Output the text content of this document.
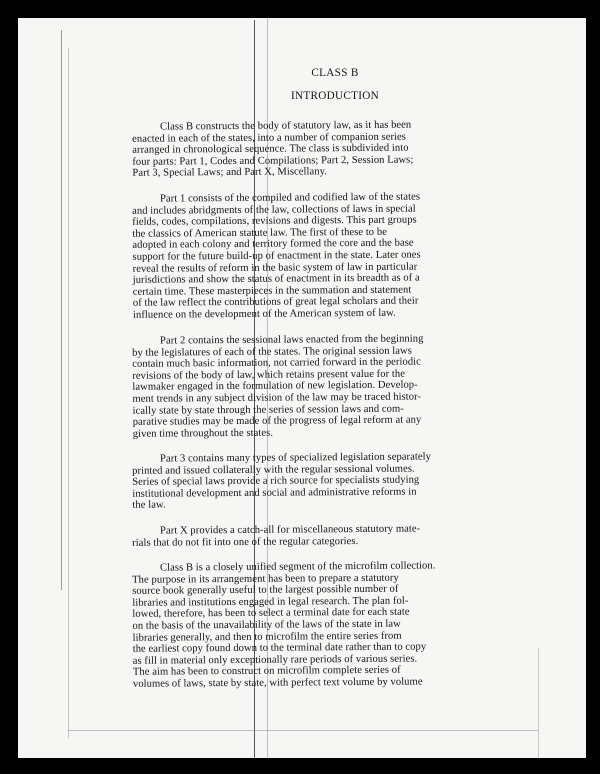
CLASS B
INTRODUCTION
Class B constructs the body of statutory law, as it has been
enacted in each of the states, into a number of companion series
arranged in chronological sequence. The class is subdivided into
four parts: Part 1, Codes and Compilations; Part 2, Session Laws;
Part 3, Special Laws; and Part X, Miscellany.
Part 1 consists of the compiled and codified law of the states
and includes abridgments of the law, collections of laws in special
fields, codes, compilations, revisions and digests. This part groups
the classics of American statute law. The first of these to be
adopted in each colony and territory formed the core and the base
support for the future build-up of enactment in the state. Later ones
reveal the results of reform in the basic system of law in particular
jurisdictions and show the status of enactment in its breadth as of a
certain time. These masterpieces in the summation and statement
of the law reflect the contributions of great legal scholars and their
influence on the development of the American system of law.
Part 2 contains the sessional laws enacted from the beginning
by the legislatures of each of the states. The original session laws
contain much basic information, not carried forward in the periodic
revisions of the body of law, which retains present value for the
lawmaker engaged in the formulation of new legislation. Develop-
ment trends in any subject division of the law may be traced histor-
ically state by state through the series of session laws and com-
parative studies may be made of the progress of legal reform at any
given time throughout the states.
Part 3 contains many types of specialized legislation separately
printed and issued collaterally with the regular sessional volumes.
Series of special laws provide a rich source for specialists studying
institutional development and social and administrative reforms in
the law.
Part X provides a catch-all for miscellaneous statutory mate-
rials that do not fit into one of the regular categories.
Class B is a closely unified segment of the microfilm collection.
The purpose in its arrangement has been to prepare a statutory
source book generally useful to the largest possible number of
libraries and institutions engaged in legal research. The plan fol-
lowed, therefore, has been to select a terminal date for each state
on the basis of the unavailability of the laws of the state in law
libraries generally, and then to microfilm the entire series from
the earliest copy found down to the terminal date rather than to copy
as fill in material only exceptionally rare periods of various series.
The aim has been to construct on microfilm complete series of
volumes of laws, state by state, with perfect text volume by volume
